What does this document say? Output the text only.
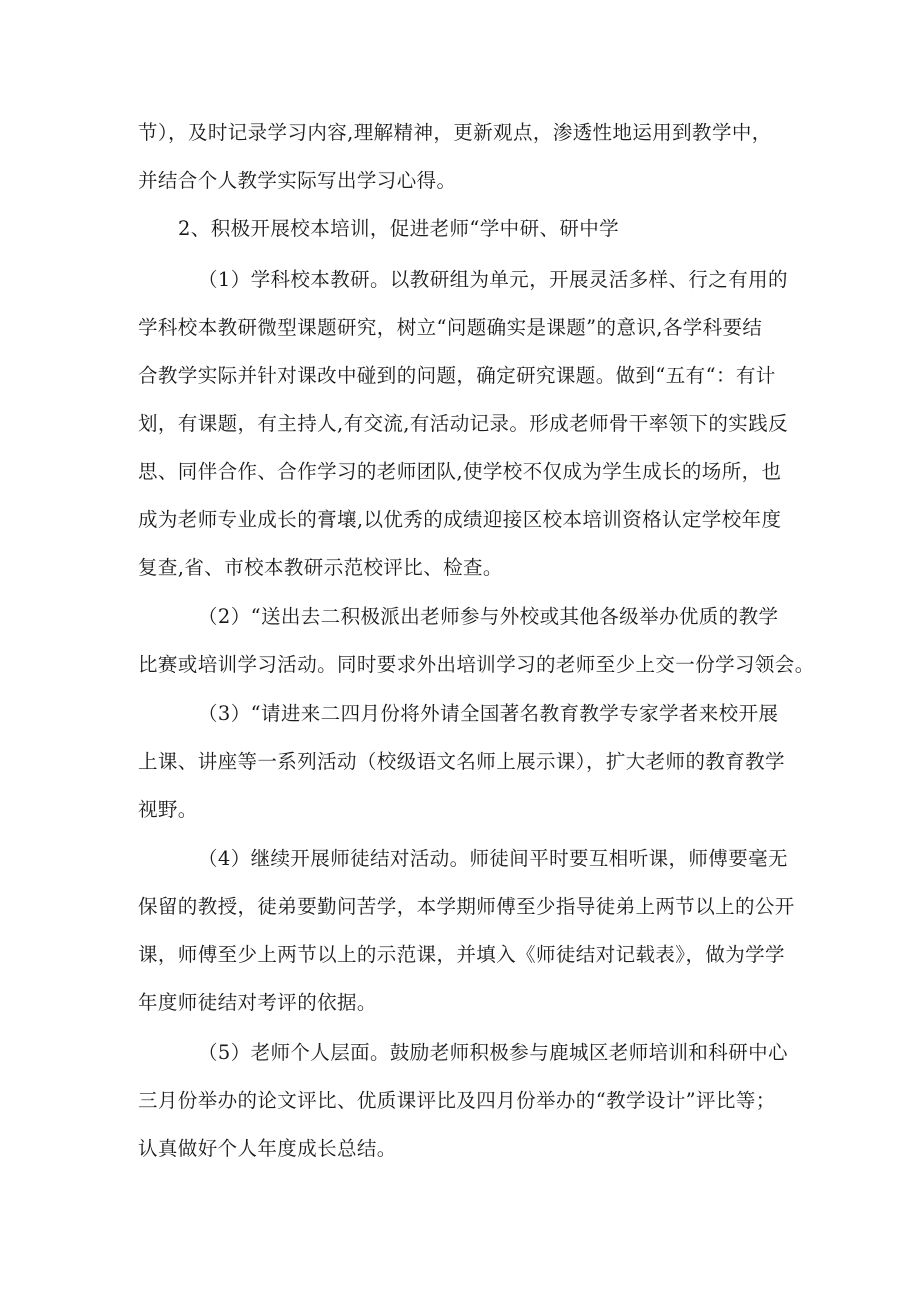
节），及时记录学习内容,理解精神，更新观点，渗透性地运用到教学中，
并结合个人教学实际写出学习心得。
2、积极开展校本培训，促进老师“学中研、研中学
（1）学科校本教研。以教研组为单元，开展灵活多样、行之有用的
学科校本教研微型课题研究，树立“问题确实是课题”的意识,各学科要结
合教学实际并针对课改中碰到的问题，确定研究课题。做到“五有“：有计
划，有课题，有主持人,有交流,有活动记录。形成老师骨干率领下的实践反
思、同伴合作、合作学习的老师团队,使学校不仅成为学生成长的场所，也
成为老师专业成长的膏壤,以优秀的成绩迎接区校本培训资格认定学校年度
复查,省、市校本教研示范校评比、检查。
（2）“送出去二积极派出老师参与外校或其他各级举办优质的教学
比赛或培训学习活动。同时要求外出培训学习的老师至少上交一份学习领会。
（3）“请进来二四月份将外请全国著名教育教学专家学者来校开展
上课、讲座等一系列活动（校级语文名师上展示课），扩大老师的教育教学
视野。
（4）继续开展师徒结对活动。师徒间平时要互相听课，师傅要毫无
保留的教授，徒弟要勤问苦学，本学期师傅至少指导徒弟上两节以上的公开
课，师傅至少上两节以上的示范课，并填入《师徒结对记载表》，做为学学
年度师徒结对考评的依据。
（5）老师个人层面。鼓励老师积极参与鹿城区老师培训和科研中心
三月份举办的论文评比、优质课评比及四月份举办的“教学设计”评比等；
认真做好个人年度成长总结。
